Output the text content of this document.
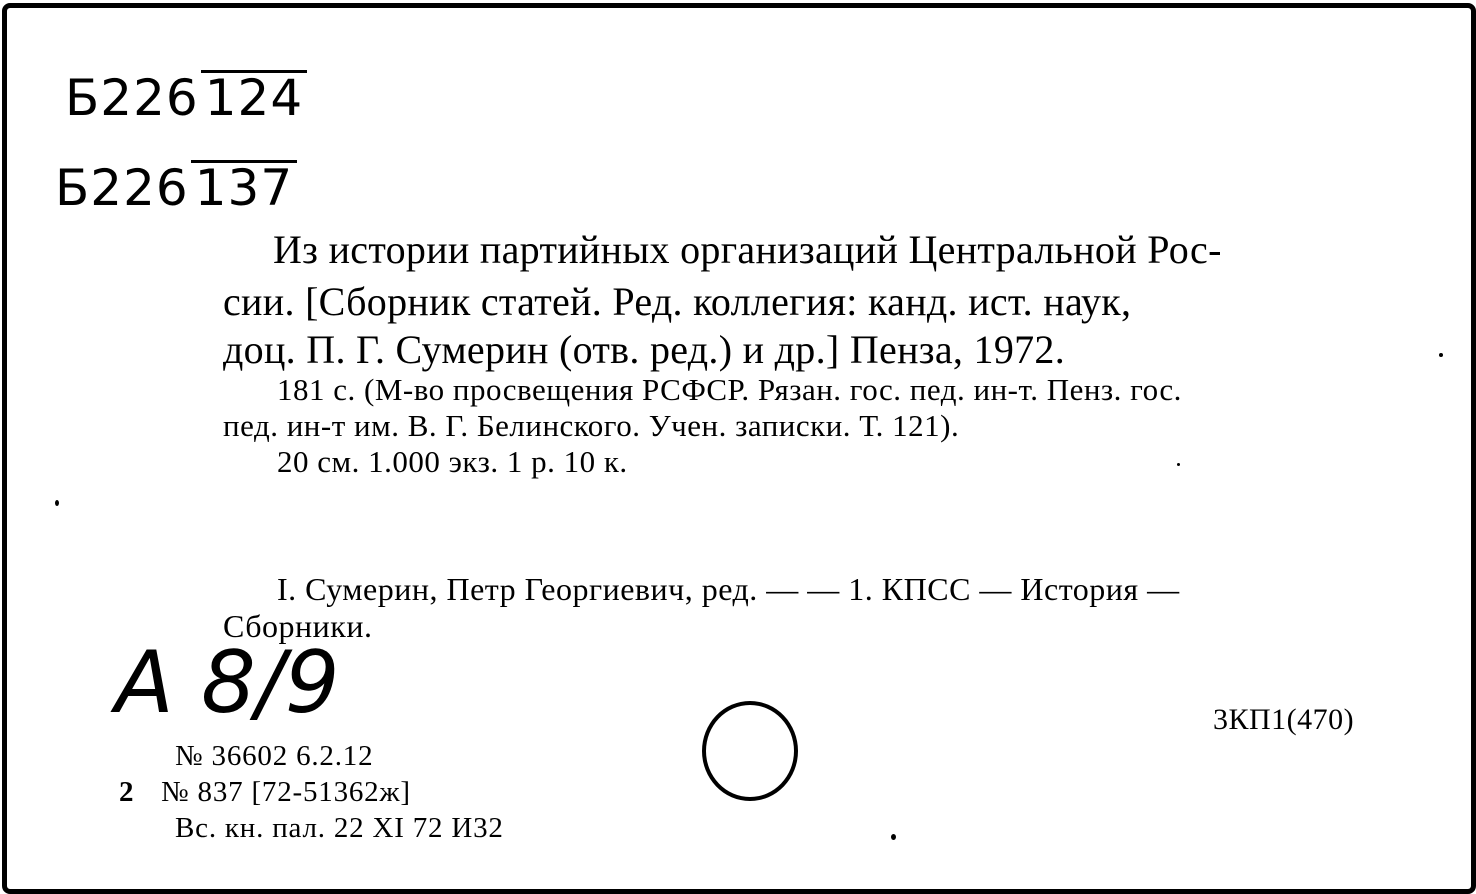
Б226 124
Б226 137
Из истории партийных организаций Центральной Рос-
сии. [Сборник статей. Ред. коллегия: канд. ист. наук,
доц. П. Г. Сумерин (отв. ред.) и др.] Пенза, 1972.
181 с. (М-во просвещения РСФСР. Рязан. гос. пед. ин-т. Пенз. гос.
пед. ин-т им. В. Г. Белинского. Учен. записки. Т. 121).
20 см. 1.000 экз. 1 р. 10 к.
I. Сумерин, Петр Георгиевич, ред. — — 1. КПСС — История —
Сборники.
А 8/9	3КП1(470)
№ 36602 6.2.12
2 № 837 [72-51362ж]
Вс. кн. пал. 22 XI 72 И32
